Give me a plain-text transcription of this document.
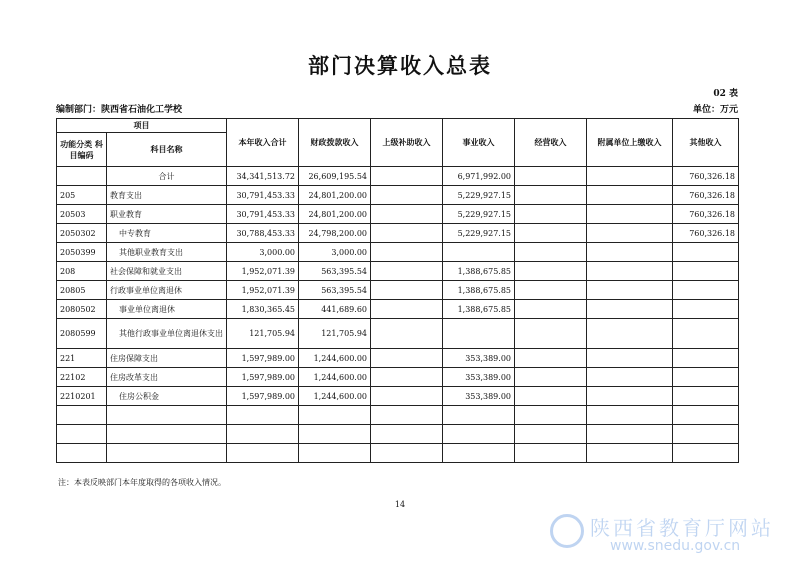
部门决算收入总表
02 表
编制部门：陕西省石油化工学校	单位：万元
项目		本年收入合计	财政拨款收入	上级补助收入	事业收入	经营收入	附属单位上缴收入	其他收入
功能分类 科目编码	科目名称							
	合计	34,341,513.72	26,609,195.54		6,971,992.00			760,326.18
205	教育支出	30,791,453.33	24,801,200.00		5,229,927.15			760,326.18
20503	职业教育	30,791,453.33	24,801,200.00		5,229,927.15			760,326.18
2050302	中专教育	30,788,453.33	24,798,200.00		5,229,927.15			760,326.18
2050399	其他职业教育支出	3,000.00	3,000.00					
208	社会保障和就业支出	1,952,071.39	563,395.54		1,388,675.85			
20805	行政事业单位离退休	1,952,071.39	563,395.54		1,388,675.85			
2080502	事业单位离退休	1,830,365.45	441,689.60		1,388,675.85			
2080599	其他行政事业单位离退休支出	121,705.94	121,705.94					
221	住房保障支出	1,597,989.00	1,244,600.00		353,389.00			
22102	住房改革支出	1,597,989.00	1,244,600.00		353,389.00			
2210201	住房公积金	1,597,989.00	1,244,600.00		353,389.00			

注：本表反映部门本年度取得的各项收入情况。
14
陕西省教育厅网站
www.snedu.gov.cn
